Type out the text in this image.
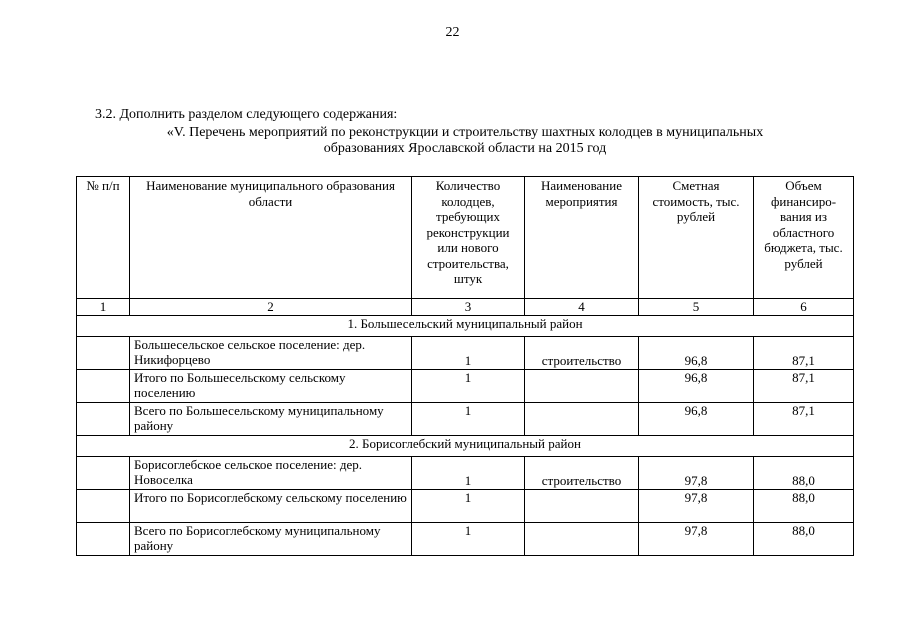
22
3.2. Дополнить разделом следующего содержания:
«V. Перечень мероприятий по реконструкции и строительству шахтных колодцев в муниципальных
образованиях Ярославской области на 2015 год
№ п/п	Наименование муниципального образования области	Количество колодцев, требующих реконструкции или нового строительства, штук	Наименование мероприятия	Сметная стоимость, тыс. рублей	Объем финансиро-вания из областного бюджета, тыс. рублей
1	2	3	4	5	6
1. Большесельский муниципальный район					
	Большесельское сельское поселение: дер. Никифорцево	1	строительство	96,8	87,1
	Итого по Большесельскому сельскому поселению	1		96,8	87,1
	Всего по Большесельскому муниципальному району	1		96,8	87,1
2. Борисоглебский муниципальный район					
	Борисоглебское сельское поселение: дер. Новоселка	1	строительство	97,8	88,0
	Итого по Борисоглебскому сельскому поселению	1		97,8	88,0
	Всего по Борисоглебскому муниципальному району	1		97,8	88,0
